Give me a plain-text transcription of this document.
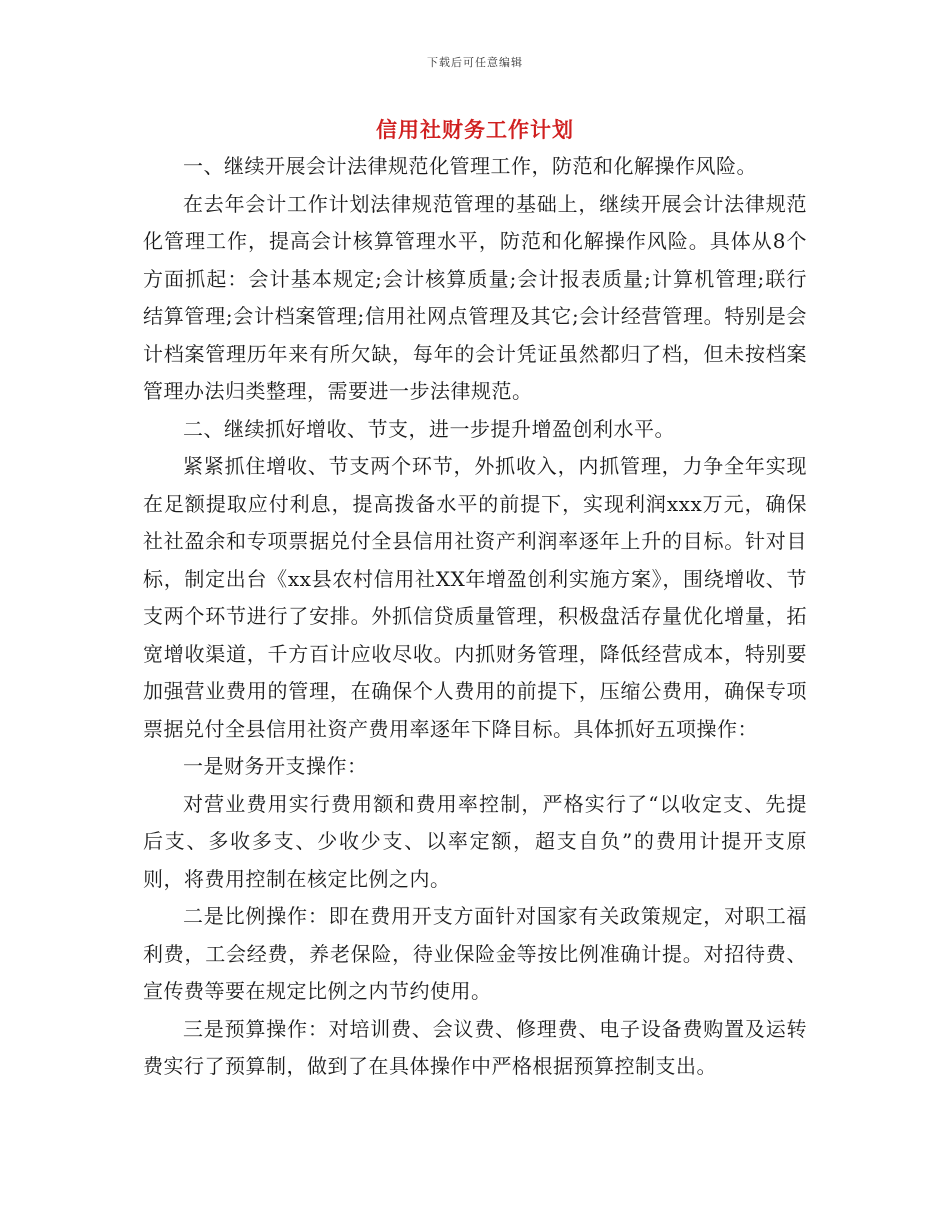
下载后可任意编辑
信用社财务工作计划

一、继续开展会计法律规范化管理工作，防范和化解操作风险。

在去年会计工作计划法律规范管理的基础上，继续开展会计法律规范化管理工作，提高会计核算管理水平，防范和化解操作风险。具体从8个方面抓起：会计基本规定;会计核算质量;会计报表质量;计算机管理;联行结算管理;会计档案管理;信用社网点管理及其它;会计经营管理。特别是会计档案管理历年来有所欠缺，每年的会计凭证虽然都归了档，但未按档案管理办法归类整理，需要进一步法律规范。

二、继续抓好增收、节支，进一步提升增盈创利水平。

紧紧抓住增收、节支两个环节，外抓收入，内抓管理，力争全年实现在足额提取应付利息，提高拨备水平的前提下，实现利润xxx万元，确保社社盈余和专项票据兑付全县信用社资产利润率逐年上升的目标。针对目标，制定出台《xx县农村信用社XX年增盈创利实施方案》，围绕增收、节支两个环节进行了安排。外抓信贷质量管理，积极盘活存量优化增量，拓宽增收渠道，千方百计应收尽收。内抓财务管理，降低经营成本，特别要加强营业费用的管理，在确保个人费用的前提下，压缩公费用，确保专项票据兑付全县信用社资产费用率逐年下降目标。具体抓好五项操作：

一是财务开支操作：

对营业费用实行费用额和费用率控制，严格实行了“以收定支、先提后支、多收多支、少收少支、以率定额，超支自负”的费用计提开支原则，将费用控制在核定比例之内。

二是比例操作：即在费用开支方面针对国家有关政策规定，对职工福利费，工会经费，养老保险，待业保险金等按比例准确计提。对招待费、宣传费等要在规定比例之内节约使用。

三是预算操作：对培训费、会议费、修理费、电子设备费购置及运转费实行了预算制，做到了在具体操作中严格根据预算控制支出。
